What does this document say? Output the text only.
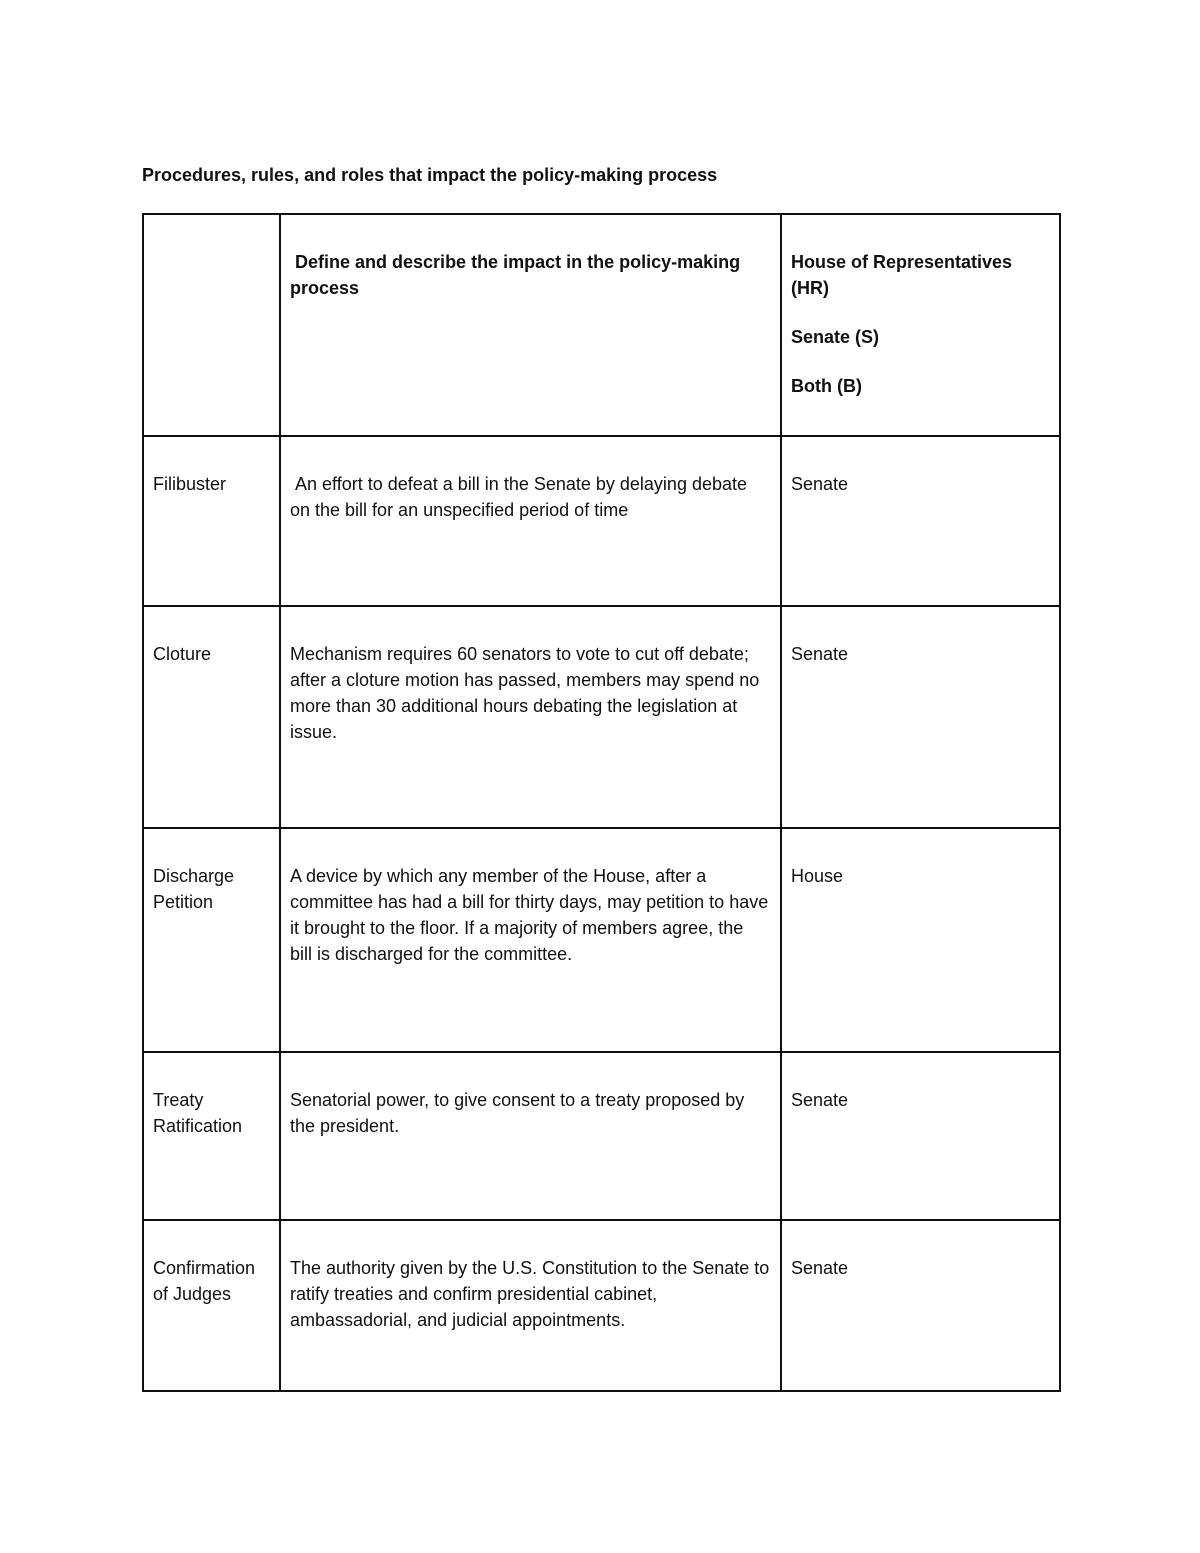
Procedures, rules, and roles that impact the policy-making process

	Define and describe the impact in the policy-making process	House of Representatives (HR)
Senate (S)
Both (B)

Filibuster	An effort to defeat a bill in the Senate by delaying debate on the bill for an unspecified period of time	Senate

Cloture	Mechanism requires 60 senators to vote to cut off debate; after a cloture motion has passed, members may spend no more than 30 additional hours debating the legislation at issue.	Senate

Discharge Petition	A device by which any member of the House, after a committee has had a bill for thirty days, may petition to have it brought to the floor. If a majority of members agree, the bill is discharged for the committee.	House

Treaty Ratification	Senatorial power, to give consent to a treaty proposed by the president.	Senate

Confirmation of Judges	The authority given by the U.S. Constitution to the Senate to ratify treaties and confirm presidential cabinet, ambassadorial, and judicial appointments.	Senate
